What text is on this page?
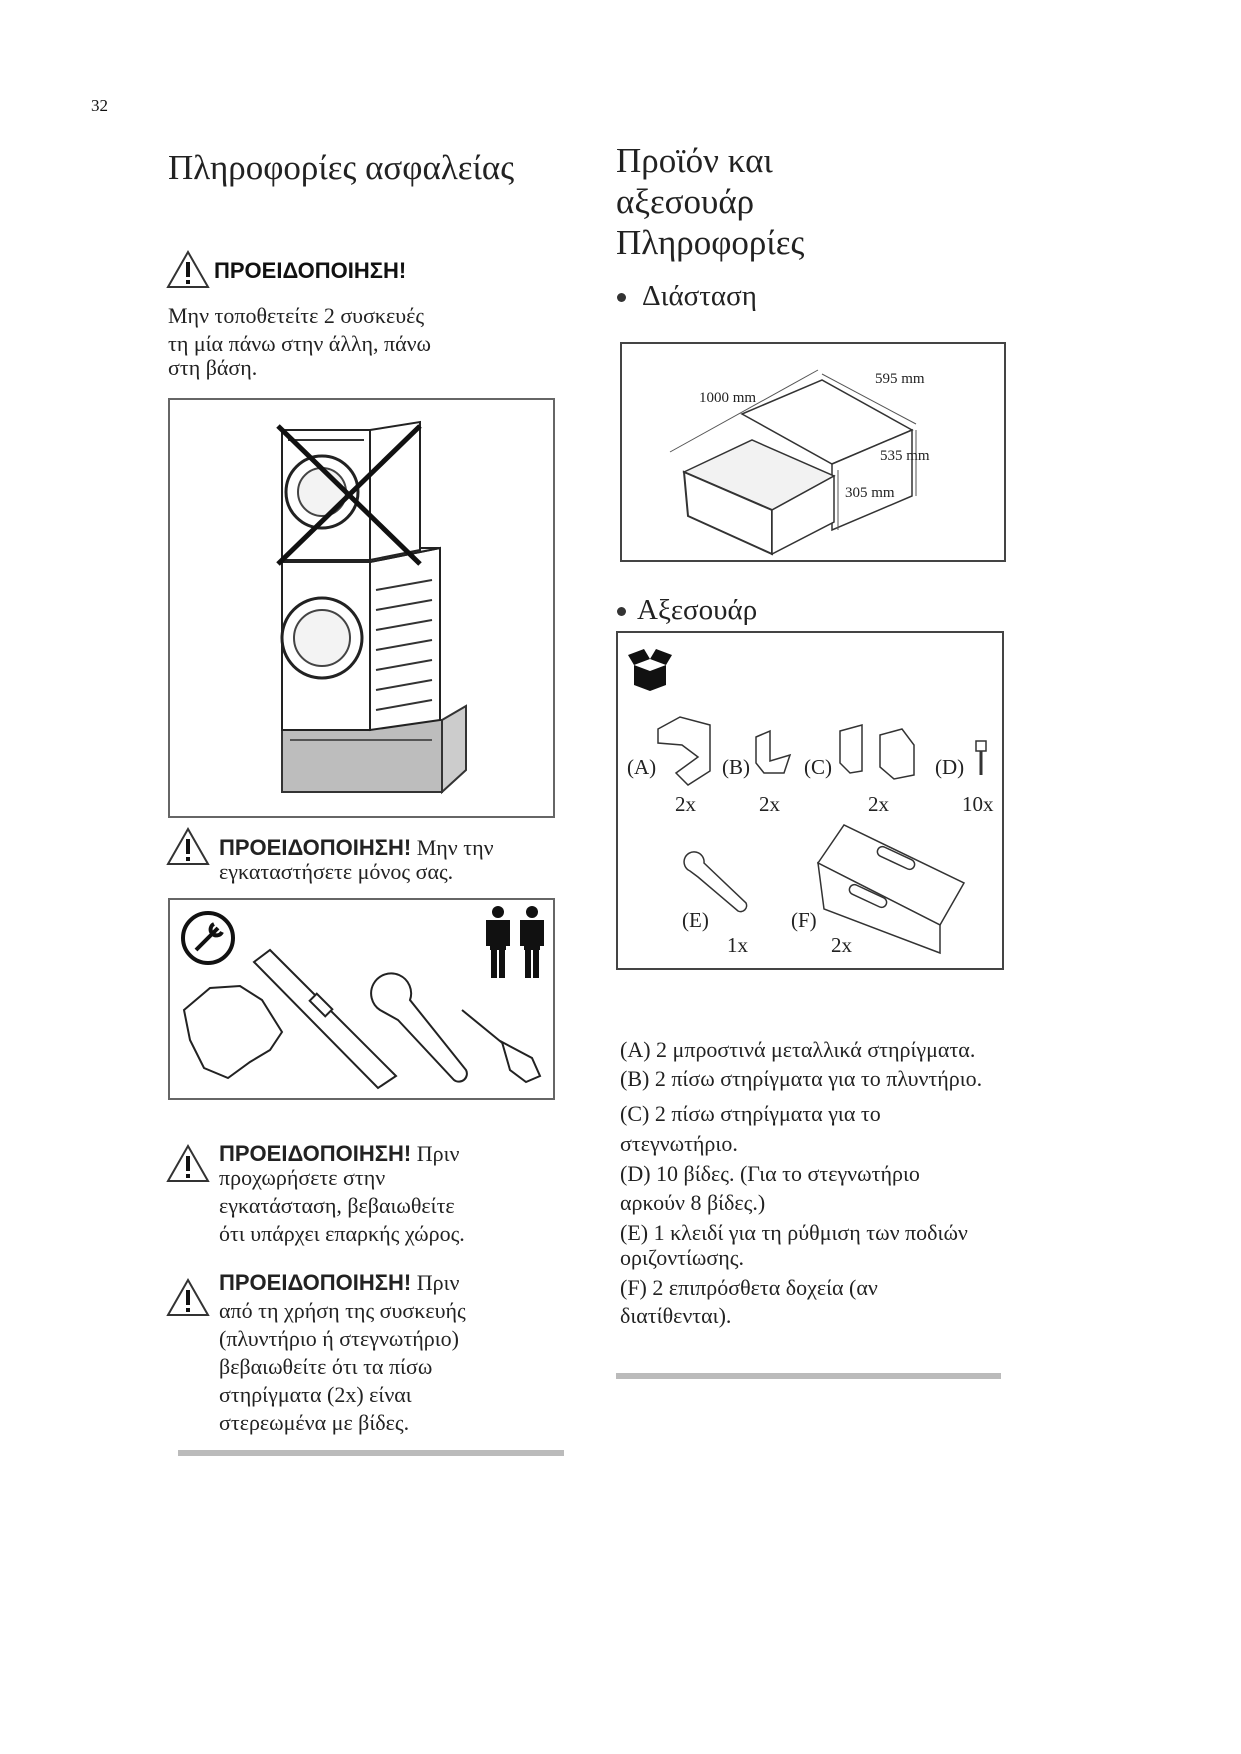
32
Πληροφορίες ασφαλείας
ΠΡΟΕΙΔΟΠΟΙΗΣΗ!
Μην τοποθετείτε 2 συσκευές
τη μία πάνω στην άλλη, πάνω
στη βάση.
ΠΡΟΕΙΔΟΠΟΙΗΣΗ! Μην την
εγκαταστήσετε μόνος σας.
ΠΡΟΕΙΔΟΠΟΙΗΣΗ! Πριν
προχωρήσετε στην
εγκατάσταση, βεβαιωθείτε
ότι υπάρχει επαρκής χώρος.
ΠΡΟΕΙΔΟΠΟΙΗΣΗ! Πριν
από τη χρήση της συσκευής
(πλυντήριο ή στεγνωτήριο)
βεβαιωθείτε ότι τα πίσω
στηρίγματα (2x) είναι
στερεωμένα με βίδες.
Προϊόν και
αξεσουάρ
Πληροφορίες
Διάσταση
1000 mm
595 mm
535 mm
305 mm
Αξεσουάρ
(A)
2x
(B)
2x
(C)
2x
(D)
10x
(E)
1x
(F)
2x
(A) 2 μπροστινά μεταλλικά στηρίγματα.
(B) 2 πίσω στηρίγματα για το πλυντήριο.
(C) 2 πίσω στηρίγματα για το
στεγνωτήριο.
(D) 10 βίδες. (Για το στεγνωτήριο
αρκούν 8 βίδες.)
(E) 1 κλειδί για τη ρύθμιση των ποδιών
οριζοντίωσης.
(F) 2 επιπρόσθετα δοχεία (αν
διατίθενται).
